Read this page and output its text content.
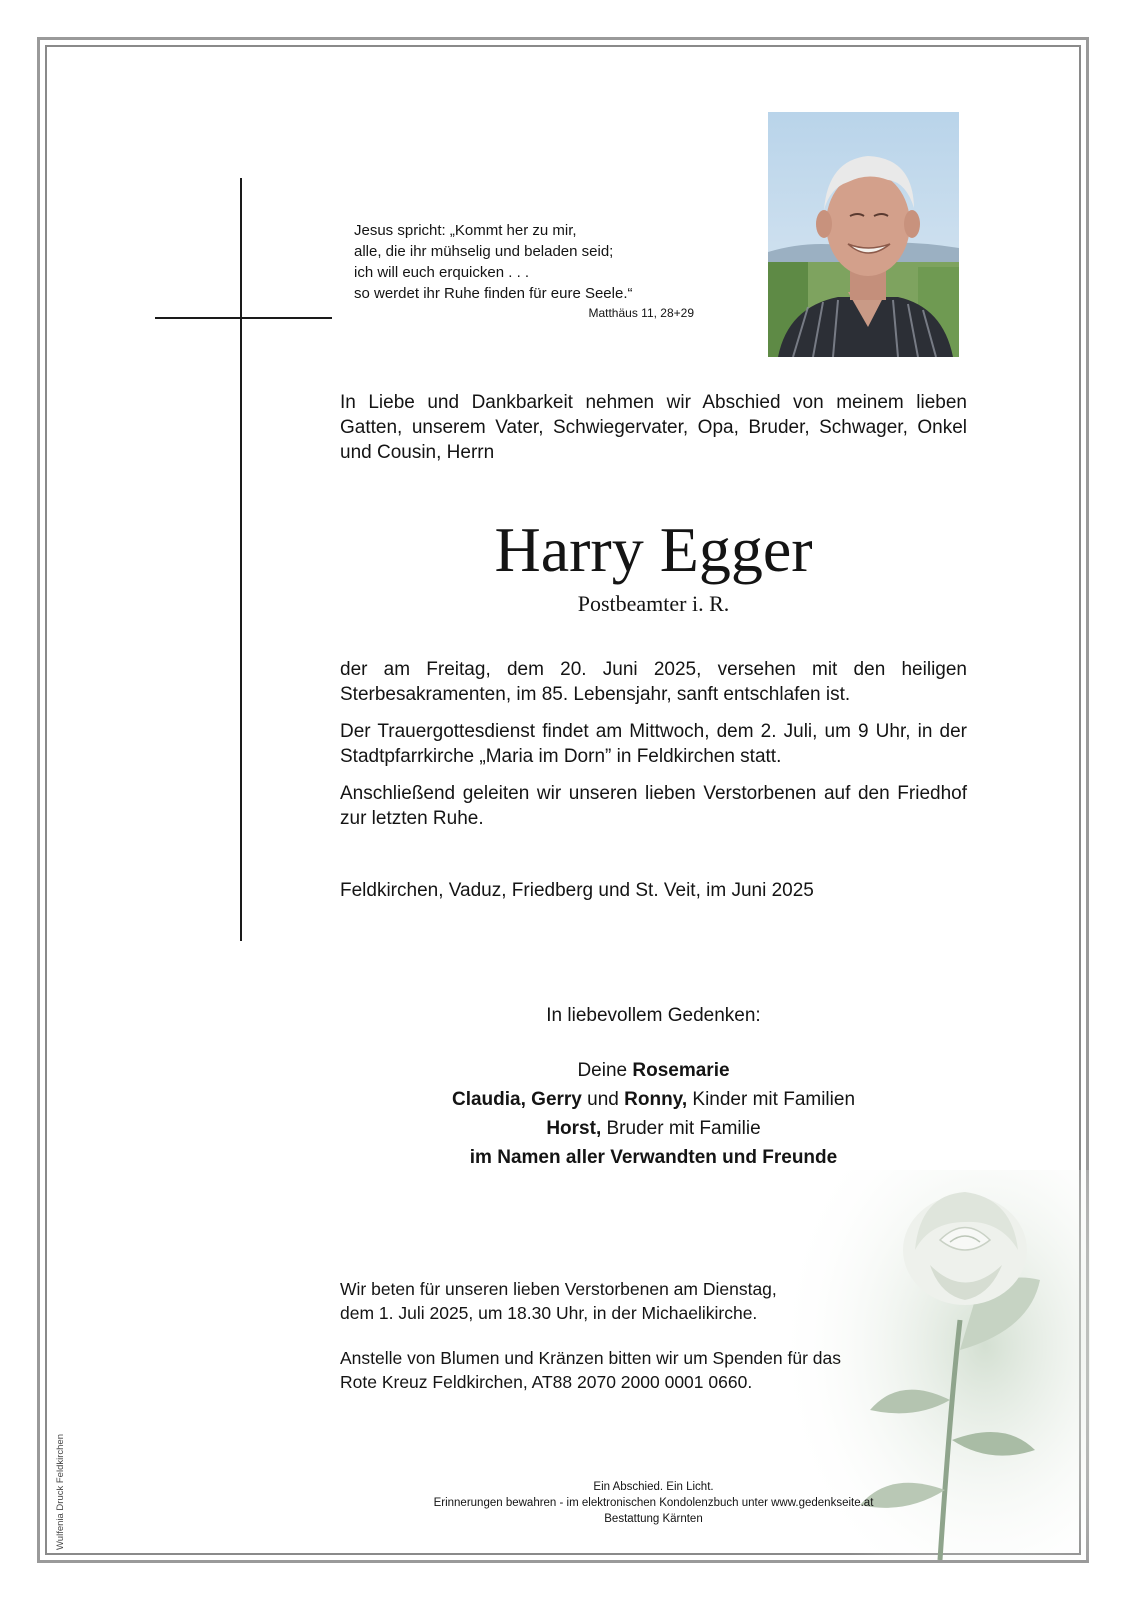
Jesus spricht: „Kommt her zu mir,
alle, die ihr mühselig und beladen seid;
ich will euch erquicken . . .
so werdet ihr Ruhe finden für eure Seele.“
Matthäus 11, 28+29
In Liebe und Dankbarkeit nehmen wir Abschied von meinem lieben Gatten, unserem Vater, Schwiegervater, Opa, Bruder, Schwager, Onkel und Cousin, Herrn
Harry Egger
Postbeamter i. R.
der am Freitag, dem 20. Juni 2025, versehen mit den heiligen Sterbesakramenten, im 85. Lebensjahr, sanft entschlafen ist.
Der Trauergottesdienst findet am Mittwoch, dem 2. Juli, um 9 Uhr, in der Stadtpfarrkirche „Maria im Dorn” in Feldkirchen statt.
Anschließend geleiten wir unseren lieben Verstorbenen auf den Friedhof zur letzten Ruhe.
Feldkirchen, Vaduz, Friedberg und St. Veit, im Juni 2025
In liebevollem Gedenken:
Deine Rosemarie
Claudia, Gerry und Ronny, Kinder mit Familien
Horst, Bruder mit Familie
im Namen aller Verwandten und Freunde
Wir beten für unseren lieben Verstorbenen am Dienstag,
dem 1. Juli 2025, um 18.30 Uhr, in der Michaelikirche.
Anstelle von Blumen und Kränzen bitten wir um Spenden für das
Rote Kreuz Feldkirchen, AT88 2070 2000 0001 0660.
Ein Abschied. Ein Licht.
Erinnerungen bewahren - im elektronischen Kondolenzbuch unter www.gedenkseite.at
Bestattung Kärnten
Wulfenia Druck Feldkirchen
